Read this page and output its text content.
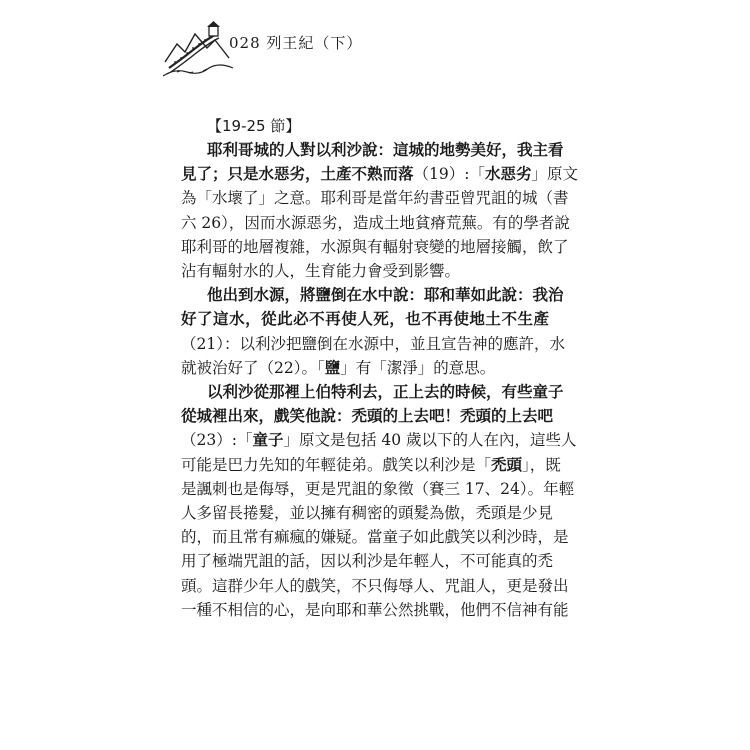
028 列王紀（下）
【19-25 節】
耶利哥城的人對以利沙說：這城的地勢美好，我主看
見了；只是水惡劣，土產不熟而落（19）:「水惡劣」原文
為「水壞了」之意。耶利哥是當年約書亞曾咒詛的城（書
六 26），因而水源惡劣，造成土地貧瘠荒蕪。有的學者說
耶利哥的地層複雜，水源與有輻射衰變的地層接觸，飲了
沾有輻射水的人，生育能力會受到影響。
他出到水源，將鹽倒在水中說：耶和華如此說：我治
好了這水，從此必不再使人死，也不再使地土不生產
（21）：以利沙把鹽倒在水源中，並且宣告神的應許，水
就被治好了（22）。「鹽」有「潔淨」的意思。
以利沙從那裡上伯特利去，正上去的時候，有些童子
從城裡出來，戲笑他說：禿頭的上去吧！禿頭的上去吧
（23）:「童子」原文是包括 40 歲以下的人在內，這些人
可能是巴力先知的年輕徒弟。戲笑以利沙是「禿頭」，既
是諷刺也是侮辱，更是咒詛的象徵（賽三 17、24）。年輕
人多留長捲髮，並以擁有稠密的頭髮為傲，禿頭是少見
的，而且常有痲瘋的嫌疑。當童子如此戲笑以利沙時，是
用了極端咒詛的話，因以利沙是年輕人，不可能真的禿
頭。這群少年人的戲笑，不只侮辱人、咒詛人，更是發出
一種不相信的心，是向耶和華公然挑戰，他們不信神有能
